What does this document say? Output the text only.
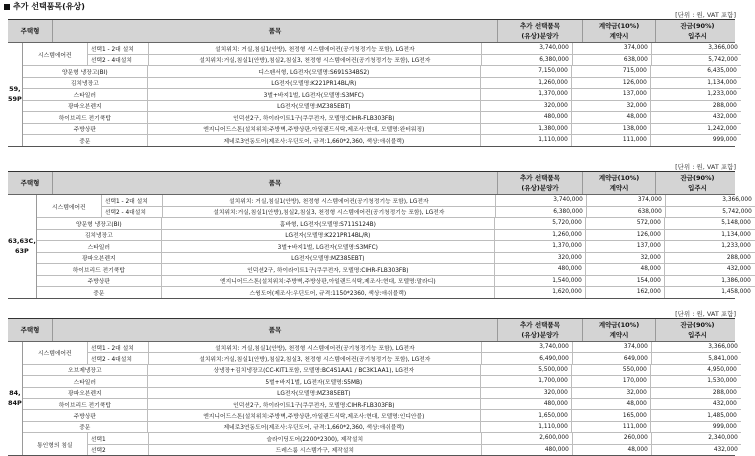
추가 선택품목(유상)
[단위 : 원, VAT 포함]
주택형	품목
추가 선택품목
(유상)분양가
계약금(10%)
계약시
잔금(90%)
입주시
59, 59P
시스템에어컨
선택1 - 2대 설치	설치위치: 거실,침실1(안방), 천정형 시스템에어컨(공기청정기능 포함), LG전자	3,740,000	374,000	3,366,000
선택2 - 4대설치	설치위치:거실,침실1(안방),침실2,침실3, 천정형 시스템에어컨(공기청정기능 포함), LG전자	6,380,000	638,000	5,742,000
양문형 냉장고(BI)	디스펜서형, LG전자(모델명:S691S34BS2)	7,150,000	715,000	6,435,000
김치냉장고	LG전자(모델명:K221PR14BL/R)	1,260,000	126,000	1,134,000
스타일러	3벌+바지1벌, LG전자(모델명:S3MFC)	1,370,000	137,000	1,233,000
광파오븐렌지	LG전자(모델명:MZ385EBT)	320,000	32,000	288,000
하이브리드 전기쿡탑	인덕션2구, 하이라이트1구(쿠쿠전자, 모델명:CIHR-FLB303FB)	480,000	48,000	432,000
주방상판	엔지니어드스톤(설치위치:주방벽,주방상판,아일랜드식탁,제조사:현대, 모델명:완터워징)	1,380,000	138,000	1,242,000
중문	제네로3연동도어(제조사:우딘도어, 규격:1,660*2,360, 색상:애쉬블랙)	1,110,000	111,000	999,000
[단위 : 원, VAT 포함]
주택형	품목
추가 선택품목
(유상)분양가
계약금(10%)
계약시
잔금(90%)
입주시
63,63C,
63P
시스템에어컨
선택1 - 2대 설치	설치위치: 거실,침실1(안방), 천정형 시스템에어컨(공기청정기능 포함), LG전자	3,740,000	374,000	3,366,000
선택2 - 4대설치	설치위치:거실,침실1(안방),침실2,침실3, 천정형 시스템에어컨(공기청정기능 포함), LG전자	6,380,000	638,000	5,742,000
양문형 냉장고(BI)	홈바형, LG전자(모델명:S711S124B)	5,720,000	572,000	5,148,000
김치냉장고	LG전자(모델명:K221PR14BL/R)	1,260,000	126,000	1,134,000
스타일러	3벌+바지1벌, LG전자(모델명:S3MFC)	1,370,000	137,000	1,233,000
광파오븐렌지	LG전자(모델명:MZ385EBT)	320,000	32,000	288,000
하이브리드 전기쿡탑	인덕션2구, 하이라이트1구(쿠쿠전자, 모델명:CIHR-FLB303FB)	480,000	48,000	432,000
주방상판	엔지니어드스톤(설치위치:주방벽,주방상판,아일랜드식탁,제조사:현대, 모델명:말라디)	1,540,000	154,000	1,386,000
중문	스윙도어(제조사:우딘도어, 규격:1150*2360, 색상:애쉬블랙)	1,620,000	162,000	1,458,000
[단위 : 원, VAT 포함]
주택형	품목
추가 선택품목
(유상)분양가
계약금(10%)
계약시
잔금(90%)
입주시
84, 84P
시스템에어컨
선택1 - 2대 설치	설치위치: 거실,침실1(안방), 천정형 시스템에어컨(공기청정기능 포함), LG전자	3,740,000	374,000	3,366,000
선택2 - 4대설치	설치위치:거실,침실1(안방),침실2,침실3, 천정형 시스템에어컨(공기청정기능 포함), LG전자	6,490,000	649,000	5,841,000
오브제냉장고	상냉장+김치냉장고(CC-KIT1포함, 모델명:BC4S1AA1 / BC3K1AA1), LG전자	5,500,000	550,000	4,950,000
스타일러	5벌+바지1벌, LG전자(모델명:S5MB)	1,700,000	170,000	1,530,000
광파오븐렌지	LG전자(모델명:MZ385EBT)	320,000	32,000	288,000
하이브리드 전기쿡탑	인덕션2구, 하이라이트1구(쿠쿠전자, 모델명:CIHR-FLB303FB)	480,000	48,000	432,000
주방상판	엔지니어드스톤(설치위치:주방벽,주방상판,아일랜드식탁,제조사:현대, 모델명:인디안블)	1,650,000	165,000	1,485,000
중문	제네로3연동도어(제조사:우딘도어, 규격:1,660*2,360, 색상:애쉬블랙)	1,110,000	111,000	999,000
통인형의 침실
선택1	슬라이딩도어(2200*2300), 제작설치	2,600,000	260,000	2,340,000
선택2	드레스룸 시스템가구, 제작설치	480,000	48,000	432,000
